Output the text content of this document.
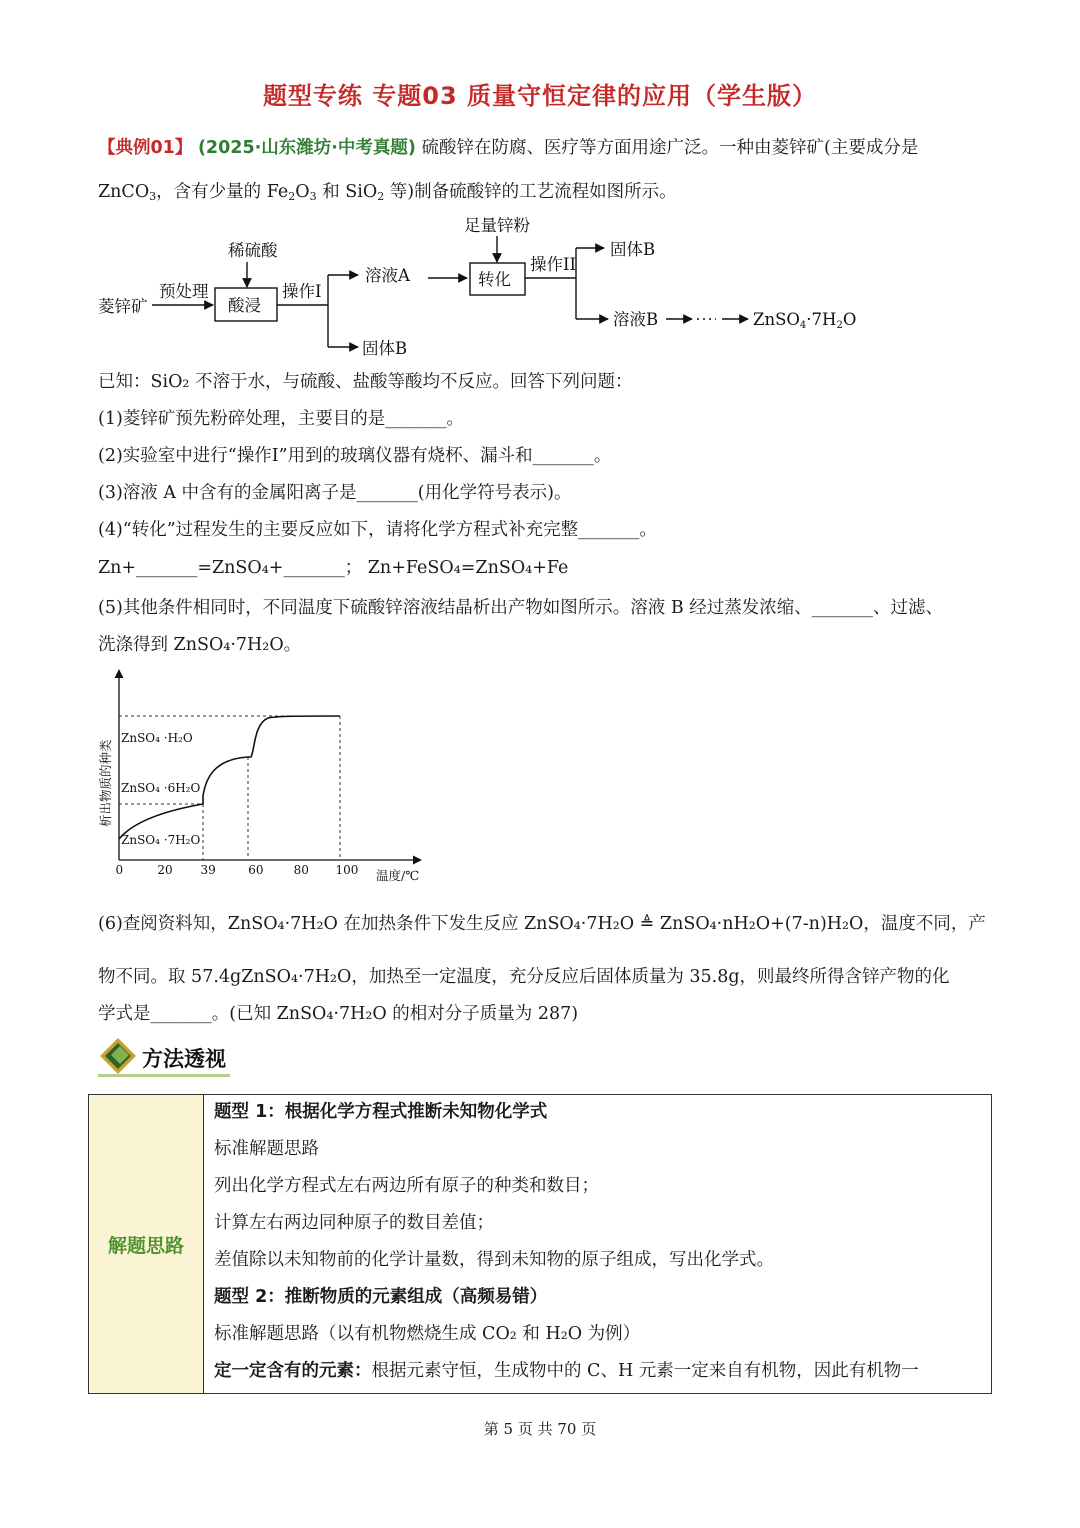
题型专练 专题03 质量守恒定律的应用（学生版）
【典例01】 (2025·山东潍坊·中考真题) 硫酸锌在防腐、医疗等方面用途广泛。一种由菱锌矿(主要成分是
ZnCO$_3$，含有少量的 $Fe_2O_3$ 和 SiO$_2$ 等)制备硫酸锌的工艺流程如图所示。
菱锌矿
预处理
稀硫酸
酸浸
操作I
溶液A
固体B
足量锌粉
转化
操作II
固体B
溶液B	ZnSO4·7H2O
已知：SiO₂ 不溶于水，与硫酸、盐酸等酸均不反应。回答下列问题：
(1)菱锌矿预先粉碎处理，主要目的是_______。
(2)实验室中进行“操作I”用到的玻璃仪器有烧杯、漏斗和_______。
(3)溶液 A 中含有的金属阳离子是_______(用化学符号表示)。
(4)“转化”过程发生的主要反应如下，请将化学方程式补充完整_______。
Zn+_______=ZnSO₄+_______； Zn+FeSO₄=ZnSO₄+Fe
(5)其他条件相同时，不同温度下硫酸锌溶液结晶析出产物如图所示。溶液 B 经过蒸发浓缩、_______、过滤、
洗涤得到 ZnSO₄·7H₂O。
ZnSO₄ ·H₂O
ZnSO₄ ·6H₂O
ZnSO₄ ·7H₂O
0	20 39	60	80 100 温度/℃
析出物质的种类
(6)查阅资料知，ZnSO₄·7H₂O 在加热条件下发生反应 ZnSO₄·7H₂O ≜ ZnSO₄·nH₂O+(7-n)H₂O，温度不同，产
物不同。取 57.4gZnSO₄·7H₂O，加热至一定温度，充分反应后固体质量为 35.8g，则最终所得含锌产物的化
学式是_______。(已知 ZnSO₄·7H₂O 的相对分子质量为 287)
方法透视
解题思路	
题型 1：根据化学方程式推断未知物化学式
标准解题思路
列出化学方程式左右两边所有原子的种类和数目；
计算左右两边同种原子的数目差值；
差值除以未知物前的化学计量数，得到未知物的原子组成，写出化学式。
题型 2：推断物质的元素组成（高频易错）
标准解题思路（以有机物燃烧生成 CO₂ 和 H₂O 为例）
定一定含有的元素：根据元素守恒，生成物中的 C、H 元素一定来自有机物，因此有机物一
第 5 页 共 70 页
